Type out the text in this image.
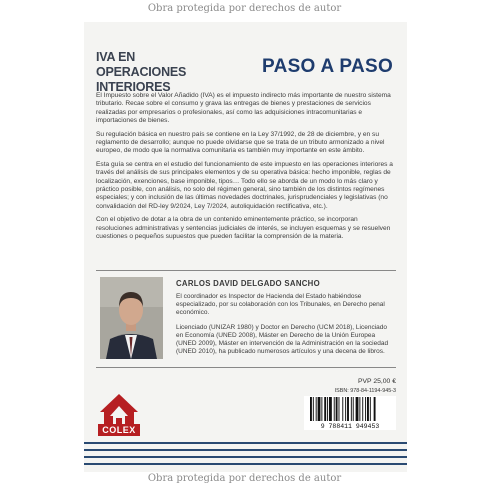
Obra protegida por derechos de autor
IVA EN
OPERACIONES INTERIORES
PASO A PASO

El Impuesto sobre el Valor Añadido (IVA) es el impuesto indirecto más importante de nuestro sistema tributario. Recae sobre el consumo y grava las entregas de bienes y prestaciones de servicios realizadas por empresarios o profesionales, así como las adquisiciones intracomunitarias e importaciones de bienes.

Su regulación básica en nuestro país se contiene en la Ley 37/1992, de 28 de diciembre, y en su reglamento de desarrollo; aunque no puede olvidarse que se trata de un tributo armonizado a nivel europeo, de modo que la normativa comunitaria es también muy importante en este ámbito.

Esta guía se centra en el estudio del funcionamiento de este impuesto en las operaciones interiores a través del análisis de sus principales elementos y de su operativa básica: hecho imponible, reglas de localización, exenciones, base imponible, tipos… Todo ello se aborda de un modo lo más claro y práctico posible, con análisis, no solo del régimen general, sino también de los distintos regímenes especiales; y con inclusión de las últimas novedades doctrinales, jurisprudenciales y legislativas (no convalidación del RD-ley 9/2024, Ley 7/2024, autoliquidación rectificativa, etc.).

Con el objetivo de dotar a la obra de un contenido eminentemente práctico, se incorporan resoluciones administrativas y sentencias judiciales de interés, se incluyen esquemas y se resuelven cuestiones o pequeños supuestos que pueden facilitar la comprensión de la materia.

CARLOS DAVID DELGADO SANCHO

El coordinador es Inspector de Hacienda del Estado habiéndose especializado, por su colaboración con los Tribunales, en Derecho penal económico.

Licenciado (UNIZAR 1980) y Doctor en Derecho (UCM 2018), Licenciado en Economía (UNED 2008), Máster en Derecho de la Unión Europea (UNED 2009), Máster en intervención de la Administración en la sociedad (UNED 2010), ha publicado numerosos artículos y una decena de libros.

PVP 25,00 €
ISBN: 978-84-1194-945-3
9 788411 949453
COLEX
Obra protegida por derechos de autor
